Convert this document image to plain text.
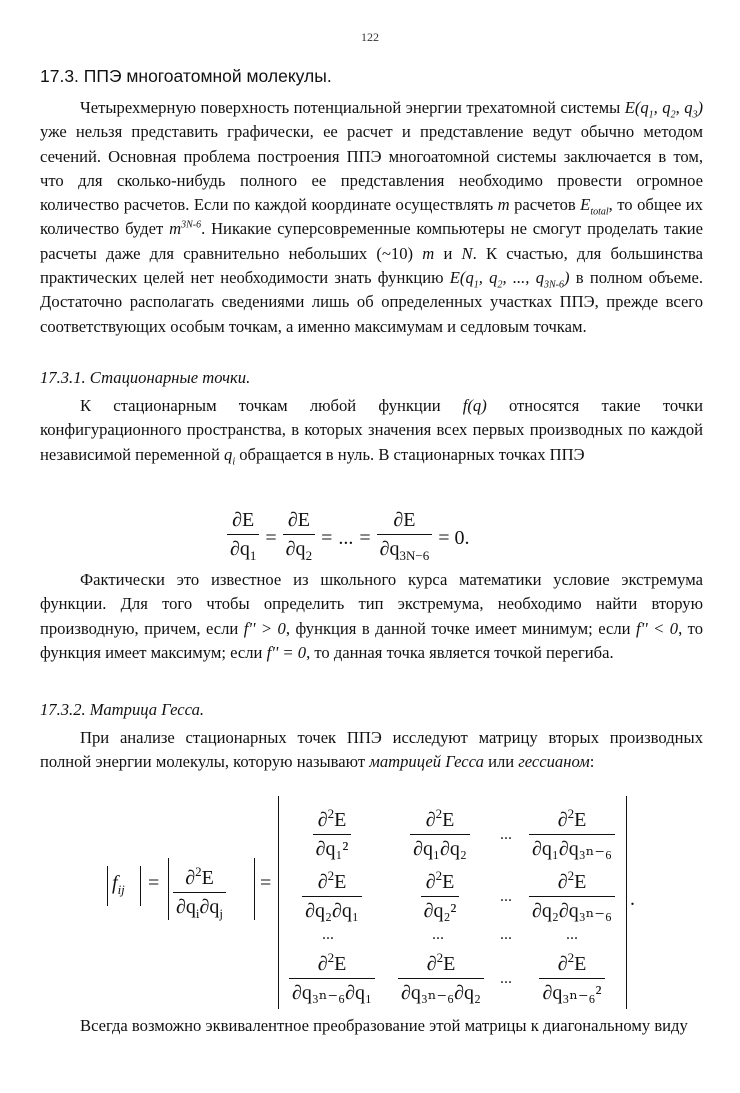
122
17.3. ППЭ многоатомной молекулы.
Четырехмерную поверхность потенциальной энергии трехатомной системы $E(q_1$, $q_2$, $q_3$) уже нельзя представить графически, ее расчет и представление ведут обычно методом сечений. Основная проблема построения ППЭ многоатомной системы заключается в том, что для сколько-нибудь полного ее представления необходимо провести огромное количество расчетов. Если по каждой координате осуществлять m расчетов $E_{total}$, то общее их количество будет $m^{3N-6}$. Никакие суперсовременные компьютеры не смогут проделать такие расчеты даже для сравнительно небольших (~10) m и N. К счастью, для большинства практических целей нет необходимости знать функцию $E(q_1$, $q_2$, ..., $q_{3N-6}$) в полном объеме. Достаточно располагать сведениями лишь об определенных участках ППЭ, прежде всего соответствующих особым точкам, а именно максимумам и седловым точкам.
17.3.1. Стационарные точки.
К стационарным точкам любой функции f(q) относятся такие точки конфигурационного пространства, в которых значения всех первых производных по каждой независимой переменной $q_i$ обращается в нуль. В стационарных точках ППЭ
$\frac{\partial E}{\partial q_1} = \frac{\partial E}{\partial q_2}$ = ... = $\frac{\partial E}{\partial q_{3N-6}} = 0$.
Фактически это известное из школьного курса математики условие экстремума функции. Для того чтобы определить тип экстремума, необходимо найти вторую производную, причем, если f'' > 0, функция в данной точке имеет минимум; если f'' < 0, то функция имеет максимум; если f'' = 0, то данная точка является точкой перегиба.
17.3.2. Матрица Гесса.
При анализе стационарных точек ППЭ исследуют матрицу вторых производных полной энергии молекулы, которую называют матрицей Гесса или гессианом:
$f_{ij} = \frac{\partial^2E}{\partial q_i\partial q_j}$ =
$\frac{\partial^2E}{\text{∂q₁²}}$	$\frac{\partial^2E}{\text{∂q₁∂q₂}}$ ... $\frac{\partial^2E}{\text{∂q₁∂q₃ₙ₋₆}}$
$\frac{\partial^2E}{\text{∂q₂∂q₁}}$	$\frac{\partial^2E}{\text{∂q₂²}}$	... $\frac{\partial^2E}{\text{∂q₂∂q₃ₙ₋₆}}$ .
...	...	...	...
$\frac{\partial^2E}{\text{∂q₃ₙ₋₆∂q₁}} \frac{\partial^2E}{\text{∂q₃ₙ₋₆∂q₂}}$ ... $\frac{\partial^2E}{\text{∂q₃ₙ₋₆²}}$
Всегда возможно эквивалентное преобразование этой матрицы к диагональному виду
